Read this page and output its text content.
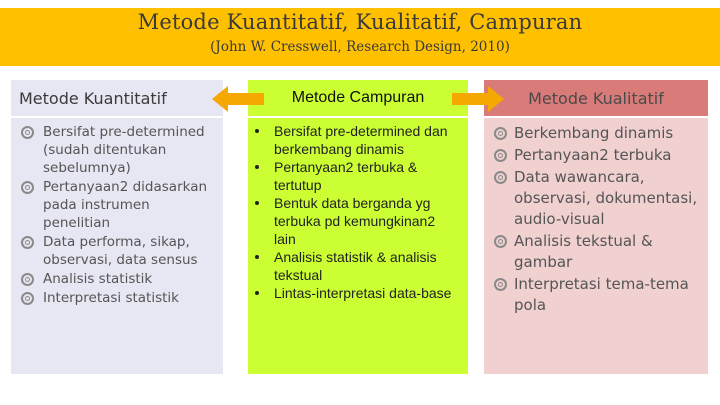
Metode Kuantitatif, Kualitatif, Campuran
(John W. Cresswell, Research Design, 2010)
Metode Kuantitatif
Bersifat pre-determined (sudah ditentukan sebelumnya)
Pertanyaan2 didasarkan pada instrumen penelitian
Data performa, sikap, observasi, data sensus
Analisis statistik
Interpretasi statistik
Metode Campuran
Bersifat pre-determined dan berkembang dinamis
Pertanyaan2 terbuka & tertutup
Bentuk data berganda yg terbuka pd kemungkinan2 lain
Analisis statistik & analisis tekstual
Lintas-interpretasi data-base
Metode Kualitatif
Berkembang dinamis
Pertanyaan2 terbuka
Data wawancara, observasi, dokumentasi, audio-visual
Analisis tekstual & gambar
Interpretasi tema-tema pola
